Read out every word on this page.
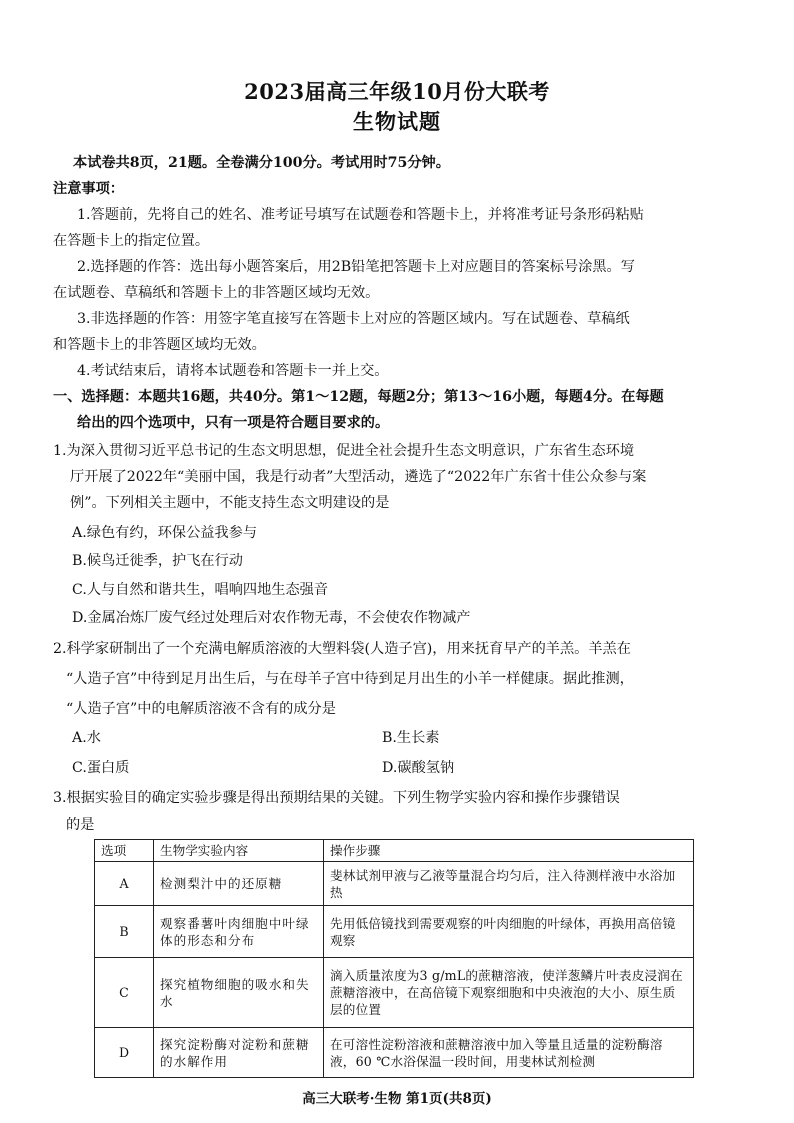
2023届高三年级10月份大联考
生物试题
本试卷共8页，21题。全卷满分100分。考试用时75分钟。
注意事项：
1.答题前，先将自己的姓名、准考证号填写在试题卷和答题卡上，并将准考证号条形码粘贴
在答题卡上的指定位置。
2.选择题的作答：选出每小题答案后，用2B铅笔把答题卡上对应题目的答案标号涂黑。写
在试题卷、草稿纸和答题卡上的非答题区域均无效。
3.非选择题的作答：用签字笔直接写在答题卡上对应的答题区域内。写在试题卷、草稿纸
和答题卡上的非答题区域均无效。
4.考试结束后，请将本试题卷和答题卡一并上交。
一、选择题：本题共16题，共40分。第1～12题，每题2分；第13～16小题，每题4分。在每题
给出的四个选项中，只有一项是符合题目要求的。
1.为深入贯彻习近平总书记的生态文明思想，促进全社会提升生态文明意识，广东省生态环境
厅开展了2022年“美丽中国，我是行动者”大型活动，遴选了“2022年广东省十佳公众参与案
例”。下列相关主题中，不能支持生态文明建设的是
A.绿色有约，环保公益我参与
B.候鸟迁徙季，护飞在行动
C.人与自然和谐共生，唱响四地生态强音
D.金属冶炼厂废气经过处理后对农作物无毒，不会使农作物减产
2.科学家研制出了一个充满电解质溶液的大塑料袋(人造子宫)，用来抚育早产的羊羔。羊羔在
“人造子宫”中待到足月出生后，与在母羊子宫中待到足月出生的小羊一样健康。据此推测，
“人造子宫”中的电解质溶液不含有的成分是
A.水	B.生长素
C.蛋白质	D.碳酸氢钠
3.根据实验目的确定实验步骤是得出预期结果的关键。下列生物学实验内容和操作步骤错误
的是
选项	生物学实验内容	操作步骤
A	检测梨汁中的还原糖	斐林试剂甲液与乙液等量混合均匀后，注入待测样液中水浴加热
B	观察番薯叶肉细胞中叶绿体的形态和分布	先用低倍镜找到需要观察的叶肉细胞的叶绿体，再换用高倍镜观察
C	探究植物细胞的吸水和失水	滴入质量浓度为3 g/mL的蔗糖溶液，使洋葱鳞片叶表皮浸润在蔗糖溶液中，在高倍镜下观察细胞和中央液泡的大小、原生质层的位置
D	探究淀粉酶对淀粉和蔗糖的水解作用	在可溶性淀粉溶液和蔗糖溶液中加入等量且适量的淀粉酶溶液，60 ℃水浴保温一段时间，用斐林试剂检测
高三大联考·生物 第1页(共8页)
